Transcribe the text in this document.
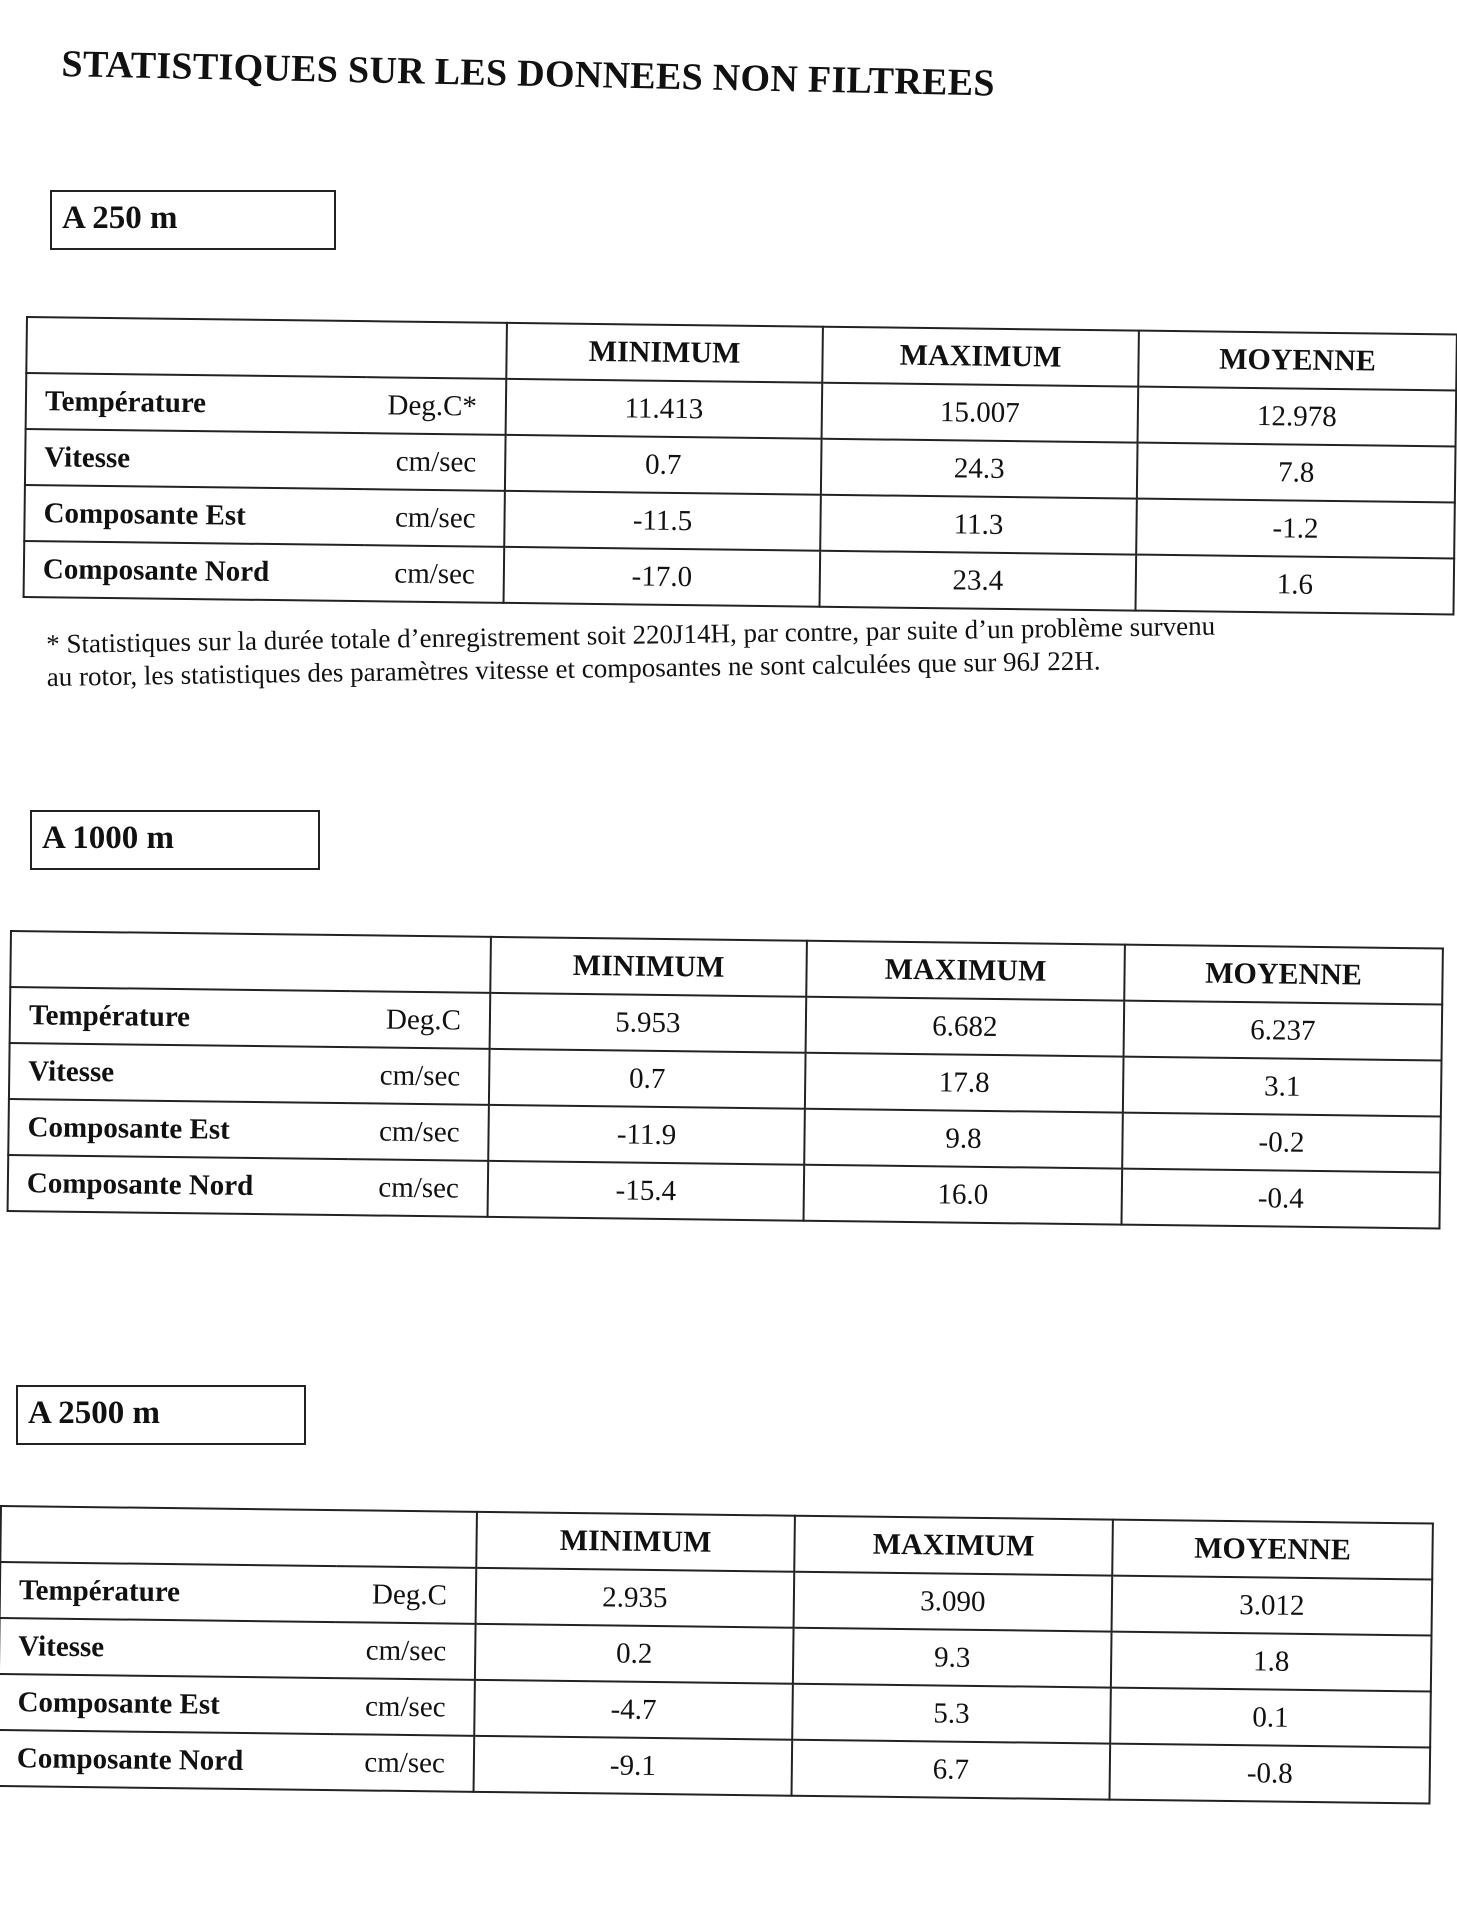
STATISTIQUES SUR LES DONNEES NON FILTREES
A 250 m
		MINIMUM	MAXIMUM	MOYENNE
Température	Deg.C*	11.413	15.007	12.978
Vitesse	cm/sec	0.7	24.3	7.8
Composante Est	cm/sec	-11.5	11.3	-1.2
Composante Nord	cm/sec	-17.0	23.4	1.6
* Statistiques sur la durée totale d’enregistrement soit 220J14H, par contre, par suite d’un problème survenu au rotor, les statistiques des paramètres vitesse et composantes ne sont calculées que sur 96J 22H.
A 1000 m
		MINIMUM	MAXIMUM	MOYENNE
Température	Deg.C	5.953	6.682	6.237
Vitesse	cm/sec	0.7	17.8	3.1
Composante Est	cm/sec	-11.9	9.8	-0.2
Composante Nord	cm/sec	-15.4	16.0	-0.4
A 2500 m
		MINIMUM	MAXIMUM	MOYENNE
Température	Deg.C	2.935	3.090	3.012
Vitesse	cm/sec	0.2	9.3	1.8
Composante Est	cm/sec	-4.7	5.3	0.1
Composante Nord	cm/sec	-9.1	6.7	-0.8
